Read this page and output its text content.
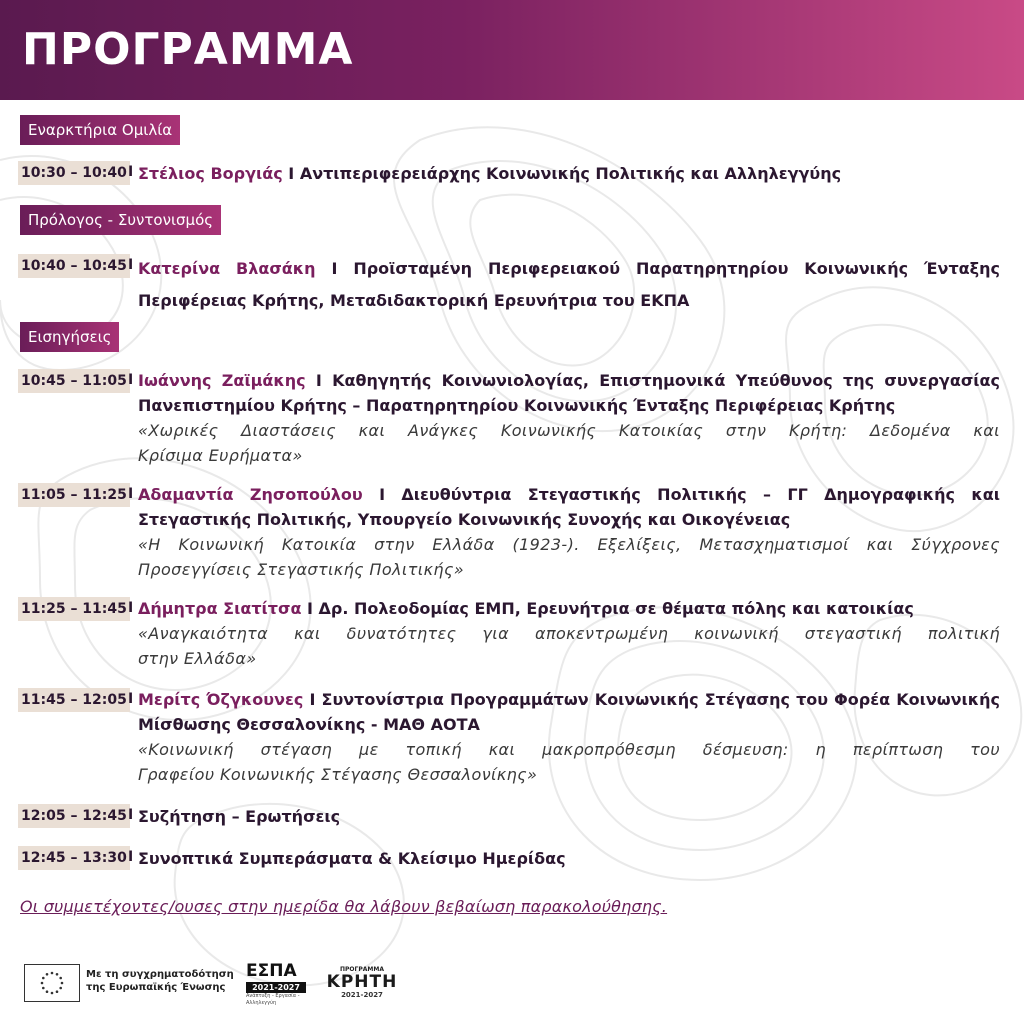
ΠΡΟΓΡΑΜΜΑ
Εναρκτήρια Ομιλία
10:30 – 10:40 I Στέλιος Βοργιάς I Αντιπεριφερειάρχης Κοινωνικής Πολιτικής και Αλληλεγγύης
Πρόλογος - Συντονισμός
10:40 – 10:45 I Κατερίνα Βλασάκη I Προϊσταμένη Περιφερειακού Παρατηρητηρίου Κοινωνικής Ένταξης
Περιφέρειας Κρήτης, Μεταδιδακτορική Ερευνήτρια του ΕΚΠΑ
Εισηγήσεις
10:45 – 11:05 I Ιωάννης Ζαϊμάκης I Καθηγητής Κοινωνιολογίας, Επιστημονικά Υπεύθυνος της συνεργασίας
Πανεπιστημίου Κρήτης – Παρατηρητηρίου Κοινωνικής Ένταξης Περιφέρειας Κρήτης
«Χωρικές Διαστάσεις και Ανάγκες Κοινωνικής Κατοικίας στην Κρήτη: Δεδομένα και
Κρίσιμα Ευρήματα»
11:05 – 11:25 I Αδαμαντία Ζησοπούλου I Διευθύντρια Στεγαστικής Πολιτικής – ΓΓ Δημογραφικής και
Στεγαστικής Πολιτικής, Υπουργείο Κοινωνικής Συνοχής και Οικογένειας
«Η Κοινωνική Κατοικία στην Ελλάδα (1923-). Εξελίξεις, Μετασχηματισμοί και Σύγχρονες
Προσεγγίσεις Στεγαστικής Πολιτικής»
11:25 – 11:45 I Δήμητρα Σιατίτσα I Δρ. Πολεοδομίας ΕΜΠ, Ερευνήτρια σε θέματα πόλης και κατοικίας
«Αναγκαιότητα και δυνατότητες για αποκεντρωμένη κοινωνική στεγαστική πολιτική
στην Ελλάδα»
11:45 – 12:05 I Μερίτς Όζγκουνες I Συντονίστρια Προγραμμάτων Κοινωνικής Στέγασης του Φορέα Κοινωνικής
Μίσθωσης Θεσσαλονίκης - ΜΑΘ ΑΟΤΑ
«Κοινωνική στέγαση με τοπική και μακροπρόθεσμη δέσμευση: η περίπτωση του
Γραφείου Κοινωνικής Στέγασης Θεσσαλονίκης»
12:05 – 12:45 I Συζήτηση – Ερωτήσεις
12:45 – 13:30 I Συνοπτικά Συμπεράσματα & Κλείσιμο Ημερίδας
Οι συμμετέχοντες/ουσες στην ημερίδα θα λάβουν βεβαίωση παρακολούθησης.
Με τη συγχρηματοδότηση
της Ευρωπαϊκής Ένωσης
ΕΣΠΑ
2021-2027
Ανάπτυξη - Εργασία - Αλληλεγγύη
ΠΡΟΓΡΑΜΜΑ
ΚΡΗΤΗ
2021-2027
